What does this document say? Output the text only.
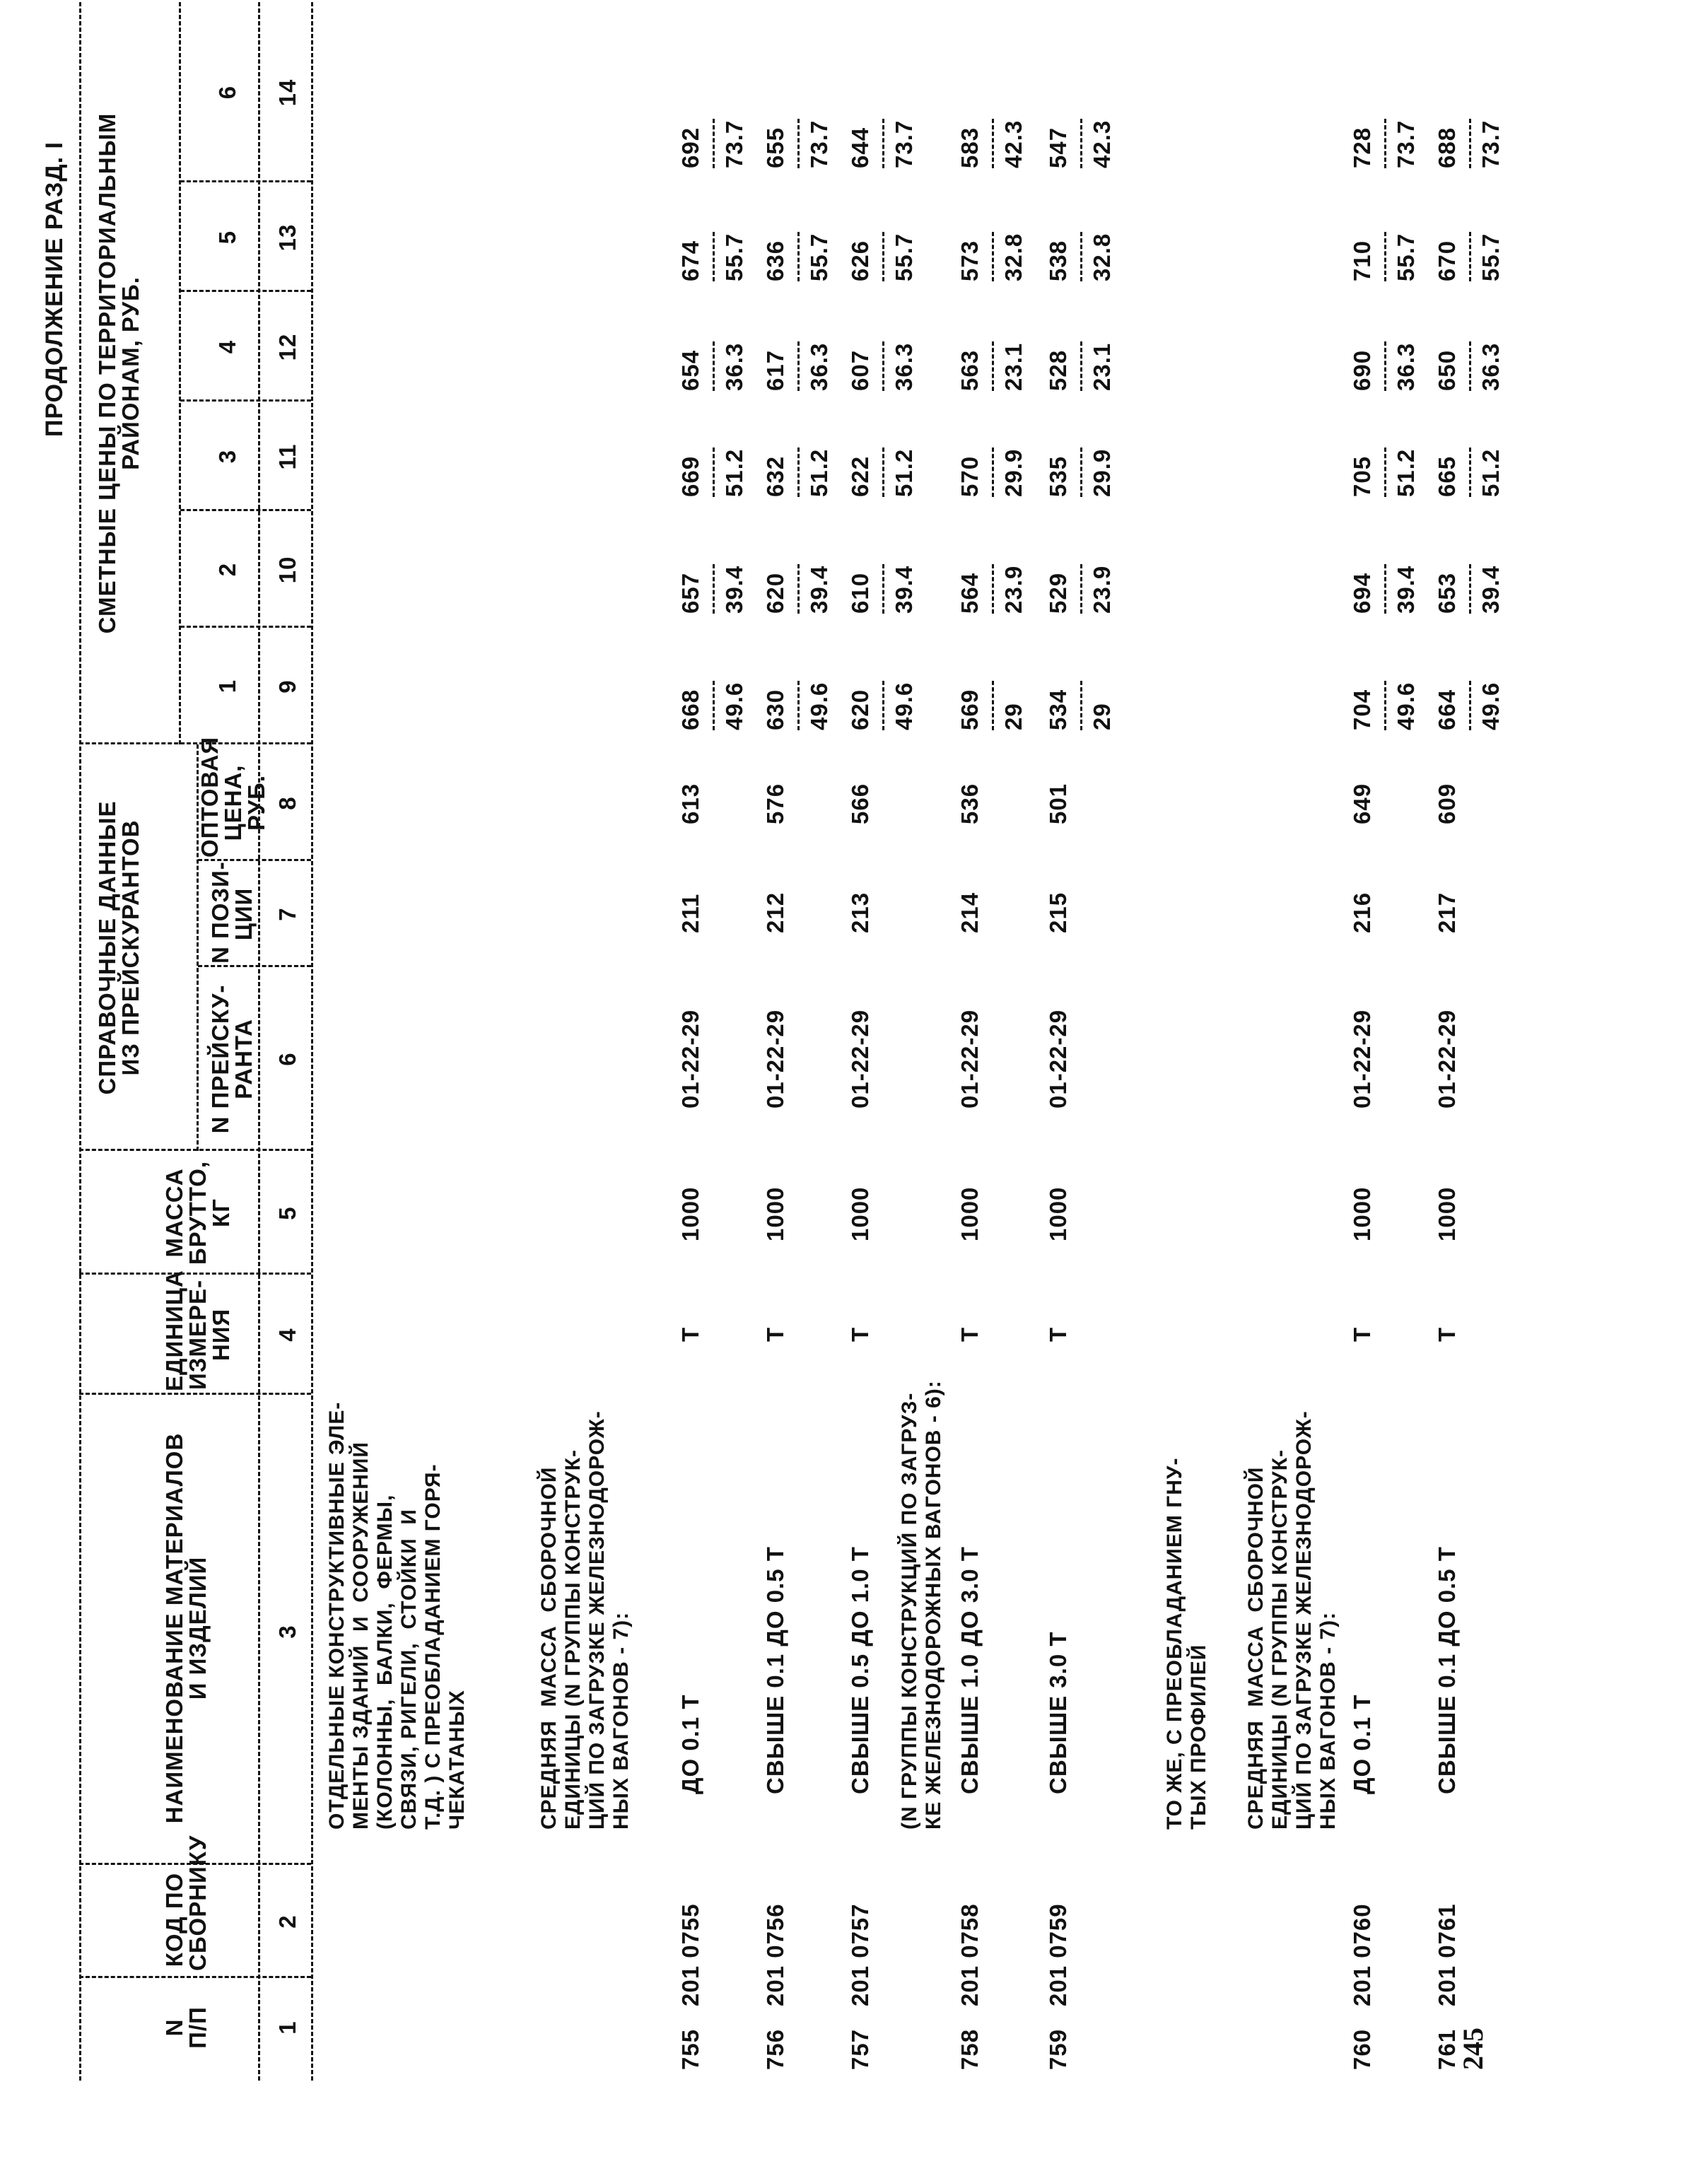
ПРОДОЛЖЕНИЕ РАЗД. I
N
П/П
КОД ПО
СБОРНИКУ
НАИМЕНОВАНИЕ МАТЕРИАЛОВ
И ИЗДЕЛИЙ
ЕДИНИЦА
ИЗМЕРЕ-
НИЯ
МАССА
БРУТТО,
КГ
СПРАВОЧНЫЕ ДАННЫЕ
ИЗ ПРЕЙСКУРАНТОВ
N ПРЕЙСКУ-
РАНТА
N ПОЗИ-
ЦИИ
ОПТОВАЯ
ЦЕНА,
РУБ.
СМЕТНЫЕ ЦЕНЫ ПО ТЕРРИТОРИАЛЬНЫМ
РАЙОНАМ, РУБ.
1
2
3
4
5
6
1
2
3
4
5
6
7
8
9
10
11
12
13
14
ОТДЕЛЬНЫЕ КОНСТРУКТИВНЫЕ ЭЛЕ-
МЕНТЫ ЗДАНИЙ  И  СООРУЖЕНИЙ
(КОЛОННЫ,  БАЛКИ,  ФЕРМЫ,
СВЯЗИ, РИГЕЛИ,  СТОЙКИ  И
Т.Д. ) С ПРЕОБЛАДАНИЕМ ГОРЯ-
ЧЕКАТАНЫХ	СРЕДНЯЯ  МАССА  СБОРОЧНОЙ
ЕДИНИЦЫ (N ГРУППЫ КОНСТРУК-
ЦИЙ ПО ЗАГРУЗКЕ ЖЕЛЕЗНОДОРОЖ-
НЫХ ВАГОНОВ - 7):
(N ГРУППЫ КОНСТРУКЦИЙ ПО ЗАГРУЗ-
КЕ ЖЕЛЕЗНОДОРОЖНЫХ ВАГОНОВ - 6):
ТО ЖЕ, С ПРЕОБЛАДАНИЕМ ГНУ-
ТЫХ ПРОФИЛЕЙ
СРЕДНЯЯ  МАССА  СБОРОЧНОЙ
ЕДИНИЦЫ (N ГРУППЫ КОНСТРУК-
ЦИЙ ПО ЗАГРУЗКЕ ЖЕЛЕЗНОДОРОЖ-
НЫХ ВАГОНОВ - 7):
755
201 0755
ДО 0.1 Т
Т
1000
01-22-29
211
613
668 49.6
657 39.4
669 51.2
654 36.3
674 55.7
692 73.7
756
201 0756
СВЫШЕ 0.1 ДО 0.5 Т
Т
1000
01-22-29
212
576
630 49.6
620 39.4
632 51.2
617 36.3
636 55.7
655 73.7
757
201 0757
СВЫШЕ 0.5 ДО 1.0 Т
Т
1000
01-22-29
213
566
620 49.6
610 39.4
622 51.2
607 36.3
626 55.7
644 73.7
758
201 0758
СВЫШЕ 1.0 ДО 3.0 Т
Т
1000
01-22-29
214
536
569 29
564 23.9
570 29.9
563 23.1
573 32.8
583 42.3
759
201 0759
СВЫШЕ 3.0 Т
Т
1000
01-22-29
215
501
534 29
529 23.9
535 29.9
528 23.1
538 32.8
547 42.3
760
201 0760
ДО 0.1 Т
Т
1000
01-22-29
216
649
704 49.6
694 39.4
705 51.2
690 36.3
710 55.7
728 73.7
761
201 0761
СВЫШЕ 0.1 ДО 0.5 Т
Т
1000
01-22-29
217
609
664 49.6
653 39.4
665 51.2
650 36.3
670 55.7
688 73.7
245
